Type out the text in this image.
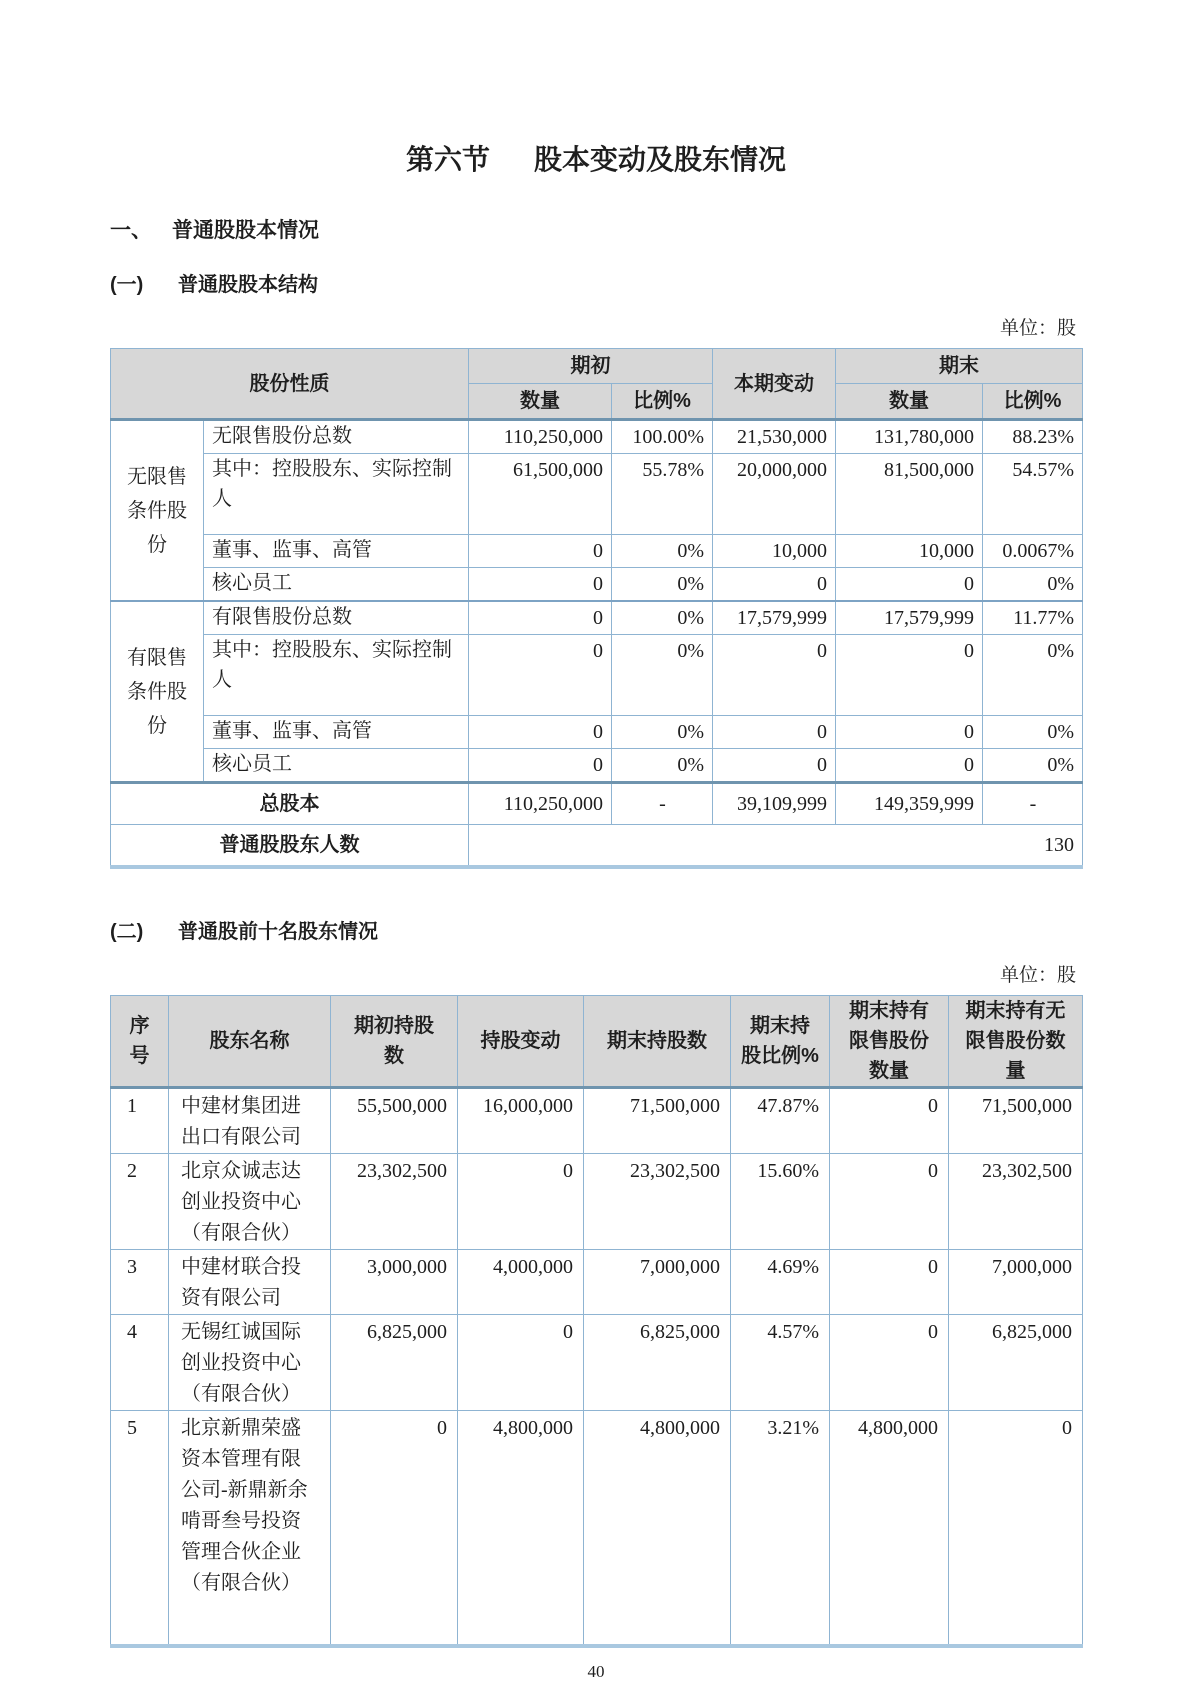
第六节 股本变动及股东情况
一、 普通股股本情况
(一) 普通股股本结构
单位：股
股份性质		期初		本期变动	期末	
		数量	比例%		数量	比例%
无限售条件股份	无限售股份总数	110,250,000	100.00%	21,530,000	131,780,000	88.23%
	其中：控股股东、实际控制人	61,500,000	55.78%	20,000,000	81,500,000	54.57%
	董事、监事、高管	0	0%	10,000	10,000	0.0067%
	核心员工	0	0%	0	0	0%
有限售条件股份	有限售股份总数	0	0%	17,579,999	17,579,999	11.77%
	其中：控股股东、实际控制人	0	0%	0	0	0%
	董事、监事、高管	0	0%	0	0	0%
	核心员工	0	0%	0	0	0%
总股本		110,250,000	-	39,109,999	149,359,999	-
普通股股东人数		130				
(二) 普通股前十名股东情况
单位：股
序号	股东名称	期初持股数	持股变动	期末持股数	期末持股比例%	期末持有限售股份数量	期末持有无限售股份数量
1	中建材集团进出口有限公司	55,500,000	16,000,000	71,500,000	47.87%	0	71,500,000
2	北京众诚志达创业投资中心（有限合伙）	23,302,500	0	23,302,500	15.60%	0	23,302,500
3	中建材联合投资有限公司	3,000,000	4,000,000	7,000,000	4.69%	0	7,000,000
4	无锡红诚国际创业投资中心（有限合伙）	6,825,000	0	6,825,000	4.57%	0	6,825,000
5	北京新鼎荣盛资本管理有限公司-新鼎新余啃哥叁号投资管理合伙企业（有限合伙）	0	4,800,000	4,800,000	3.21%	4,800,000	0
40
